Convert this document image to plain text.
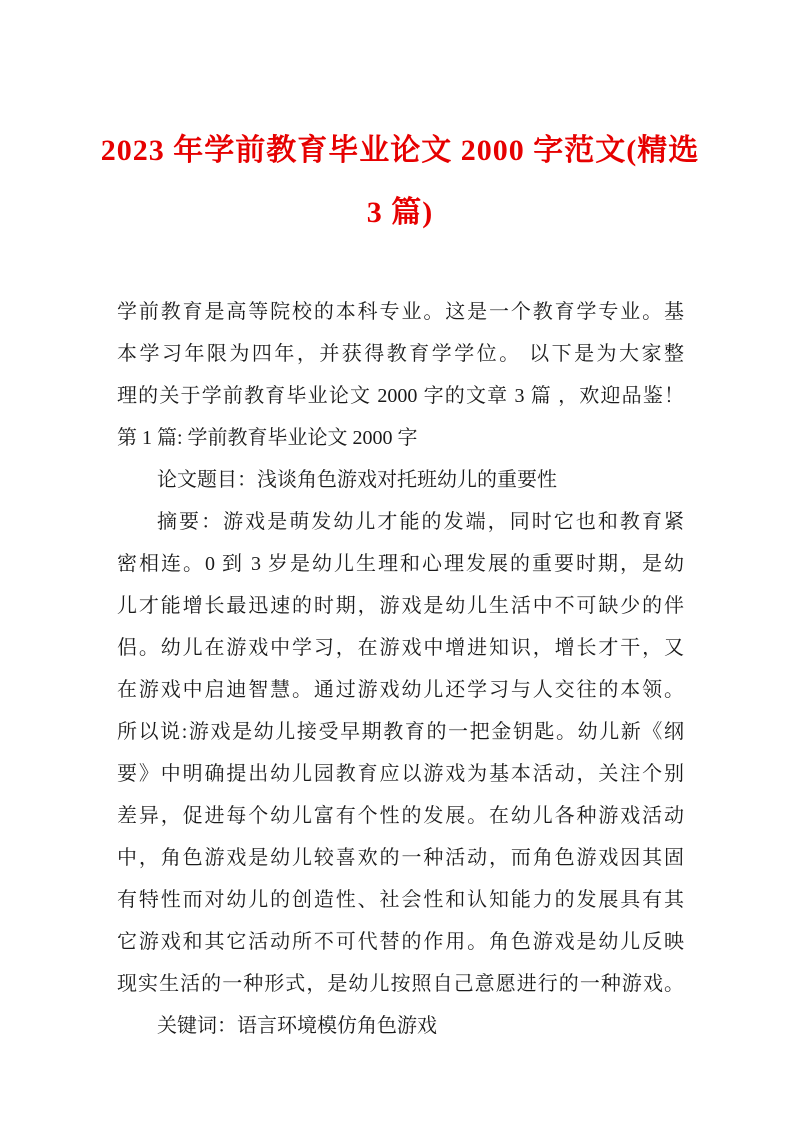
2023 年学前教育毕业论文 2000 字范文(精选
3 篇)
学前教育是高等院校的本科专业。这是一个教育学专业。基
本学习年限为四年，并获得教育学学位。 以下是为大家整
理的关于学前教育毕业论文 2000 字的文章 3 篇 ，欢迎品鉴！
第 1 篇: 学前教育毕业论文 2000 字
论文题目：浅谈角色游戏对托班幼儿的重要性
摘要：游戏是萌发幼儿才能的发端，同时它也和教育紧
密相连。0 到 3 岁是幼儿生理和心理发展的重要时期，是幼
儿才能增长最迅速的时期，游戏是幼儿生活中不可缺少的伴
侣。幼儿在游戏中学习，在游戏中增进知识，增长才干，又
在游戏中启迪智慧。通过游戏幼儿还学习与人交往的本领。
所以说:游戏是幼儿接受早期教育的一把金钥匙。幼儿新《纲
要》中明确提出幼儿园教育应以游戏为基本活动，关注个别
差异，促进每个幼儿富有个性的发展。在幼儿各种游戏活动
中，角色游戏是幼儿较喜欢的一种活动，而角色游戏因其固
有特性而对幼儿的创造性、社会性和认知能力的发展具有其
它游戏和其它活动所不可代替的作用。角色游戏是幼儿反映
现实生活的一种形式，是幼儿按照自己意愿进行的一种游戏。
关键词：语言环境模仿角色游戏
